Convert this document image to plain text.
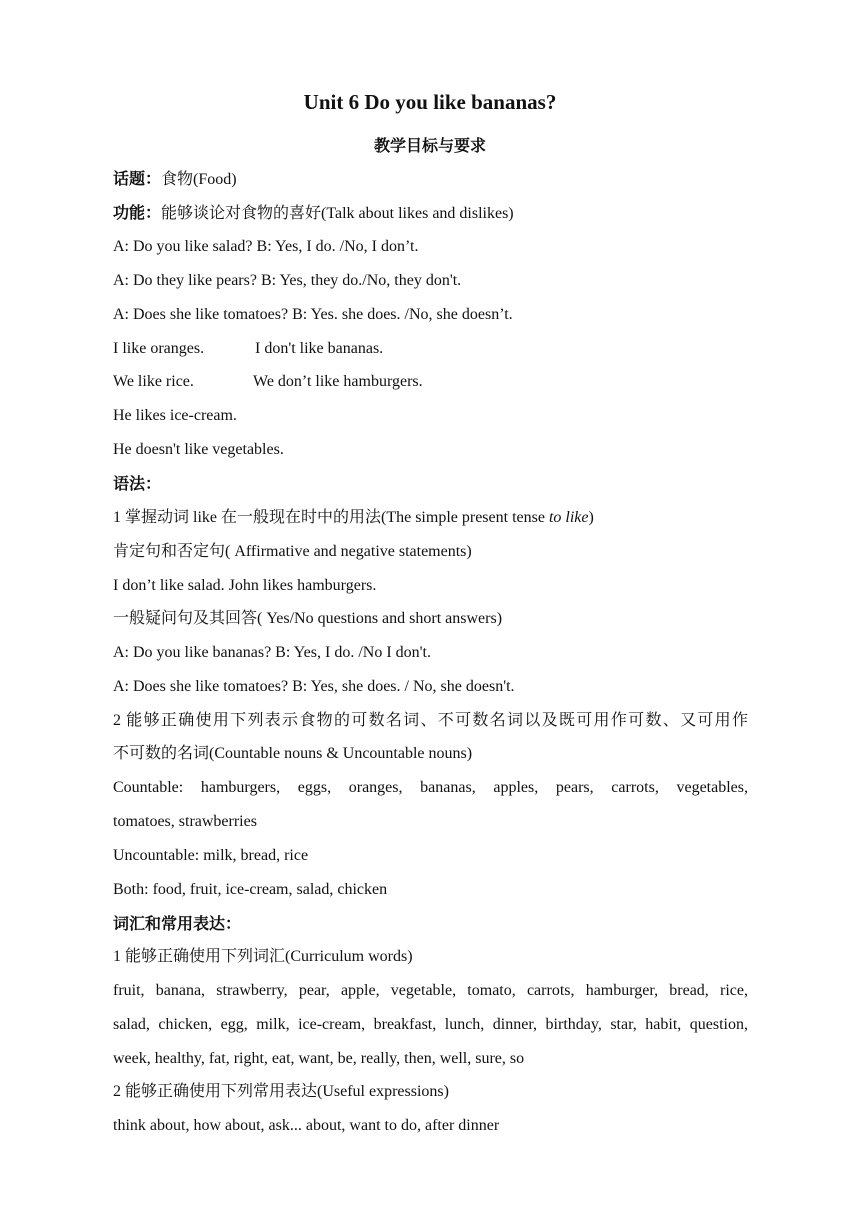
Unit 6 Do you like bananas?
教学目标与要求
话题：食物(Food)
功能：能够谈论对食物的喜好(Talk about likes and dislikes)
A: Do you like salad? B: Yes, I do. /No, I don’t.
A: Do they like pears? B: Yes, they do./No, they don't.
A: Does she like tomatoes? B: Yes. she does. /No, she doesn’t.
I like oranges.	I don't like bananas.
We like rice.	We don’t like hamburgers.
He likes ice-cream.
He doesn't like vegetables.
语法：
1 掌握动词 like 在一般现在时中的用法(The simple present tense to like)
肯定句和否定句( Affirmative and negative statements)
I don’t like salad. John likes hamburgers.
一般疑问句及其回答( Yes/No questions and short answers)
A: Do you like bananas? B: Yes, I do. /No I don't.
A: Does she like tomatoes? B: Yes, she does. / No, she doesn't.
2 能够正确使用下列表示食物的可数名词、不可数名词以及既可用作可数、又可用作
不可数的名词(Countable nouns & Uncountable nouns)
Countable: hamburgers, eggs, oranges, bananas, apples, pears, carrots, vegetables,
tomatoes, strawberries
Uncountable: milk, bread, rice
Both: food, fruit, ice-cream, salad, chicken
词汇和常用表达：
1 能够正确使用下列词汇(Curriculum words)
fruit, banana, strawberry, pear, apple, vegetable, tomato, carrots, hamburger, bread, rice,
salad, chicken, egg, milk, ice-cream, breakfast, lunch, dinner, birthday, star, habit, question,
week, healthy, fat, right, eat, want, be, really, then, well, sure, so
2 能够正确使用下列常用表达(Useful expressions)
think about, how about, ask... about, want to do, after dinner
